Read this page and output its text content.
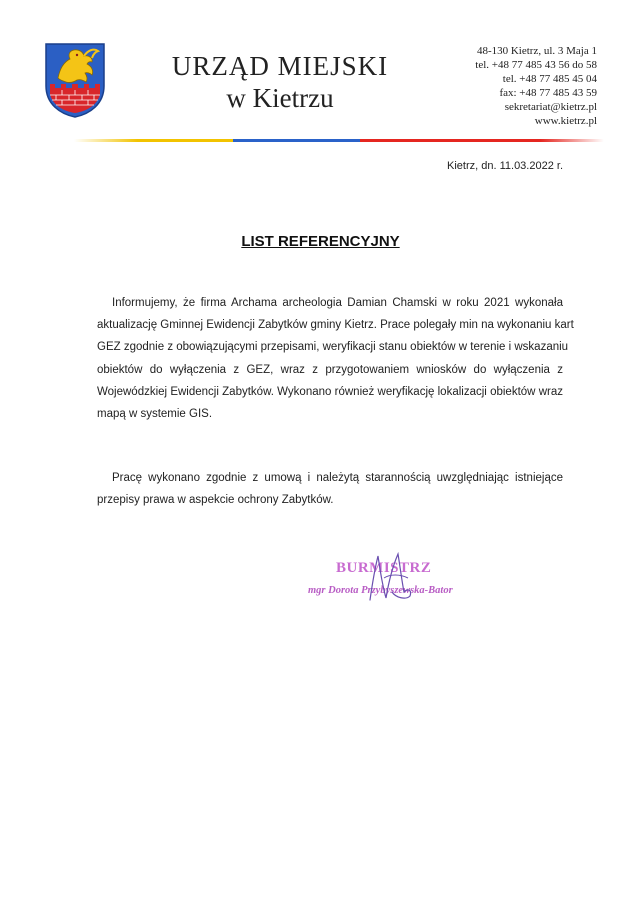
URZĄD MIEJSKI
w Kietrzu
48-130 Kietrz, ul. 3 Maja 1
tel. +48 77 485 43 56 do 58
tel. +48 77 485 45 04
fax: +48 77 485 43 59
sekretariat@kietrz.pl
www.kietrz.pl
Kietrz, dn. 11.03.2022 r.
LIST REFERENCYJNY

Informujemy, że firma Archama archeologia Damian Chamski w roku 2021 wykonała
aktualizację Gminnej Ewidencji Zabytków gminy Kietrz. Prace polegały min na wykonaniu kart
GEZ zgodnie z obowiązującymi przepisami, weryfikacji stanu obiektów w terenie i wskazaniu
obiektów do wyłączenia z GEZ, wraz z przygotowaniem wniosków do wyłączenia z
Wojewódzkiej Ewidencji Zabytków. Wykonano również weryfikację lokalizacji obiektów wraz
mapą w systemie GIS.

Pracę wykonano zgodnie z umową i należytą starannością uwzględniając istniejące
przepisy prawa w aspekcie ochrony Zabytków.

BURMISTRZ
mgr Dorota Przybyszewska-Bator
